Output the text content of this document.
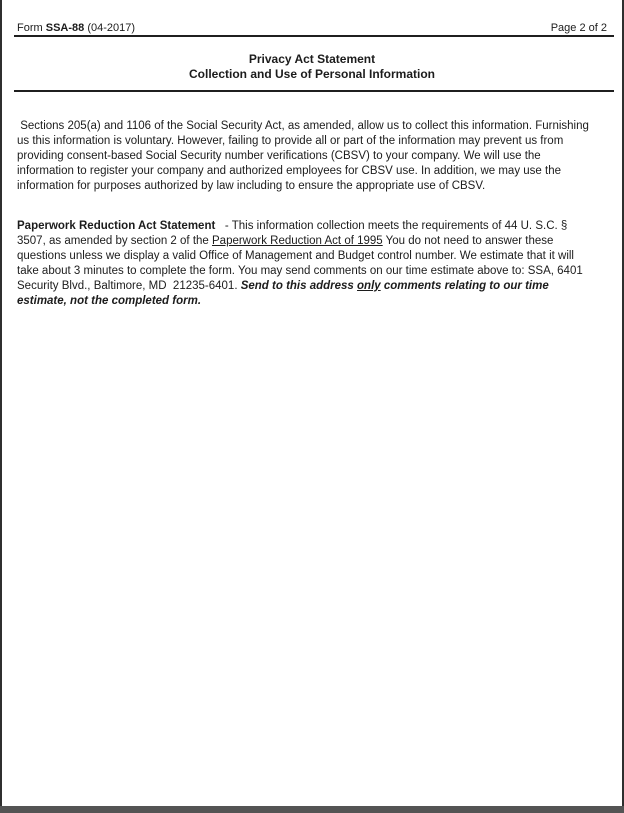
Form SSA-88 (04-2017)	Page 2 of 2
Privacy Act Statement
Collection and Use of Personal Information

Sections 205(a) and 1106 of the Social Security Act, as amended, allow us to collect this information. Furnishing us this information is voluntary. However, failing to provide all or part of the information may prevent us from providing consent-based Social Security number verifications (CBSV) to your company. We will use the information to register your company and authorized employees for CBSV use. In addition, we may use the information for purposes authorized by law including to ensure the appropriate use of CBSV.

Paperwork Reduction Act Statement   - This information collection meets the requirements of 44 U. S.C. § 3507, as amended by section 2 of the Paperwork Reduction Act of 1995 You do not need to answer these questions unless we display a valid Office of Management and Budget control number. We estimate that it will take about 3 minutes to complete the form. You may send comments on our time estimate above to: SSA, 6401 Security Blvd., Baltimore, MD  21235-6401. Send to this address only comments relating to our time estimate, not the completed form.
